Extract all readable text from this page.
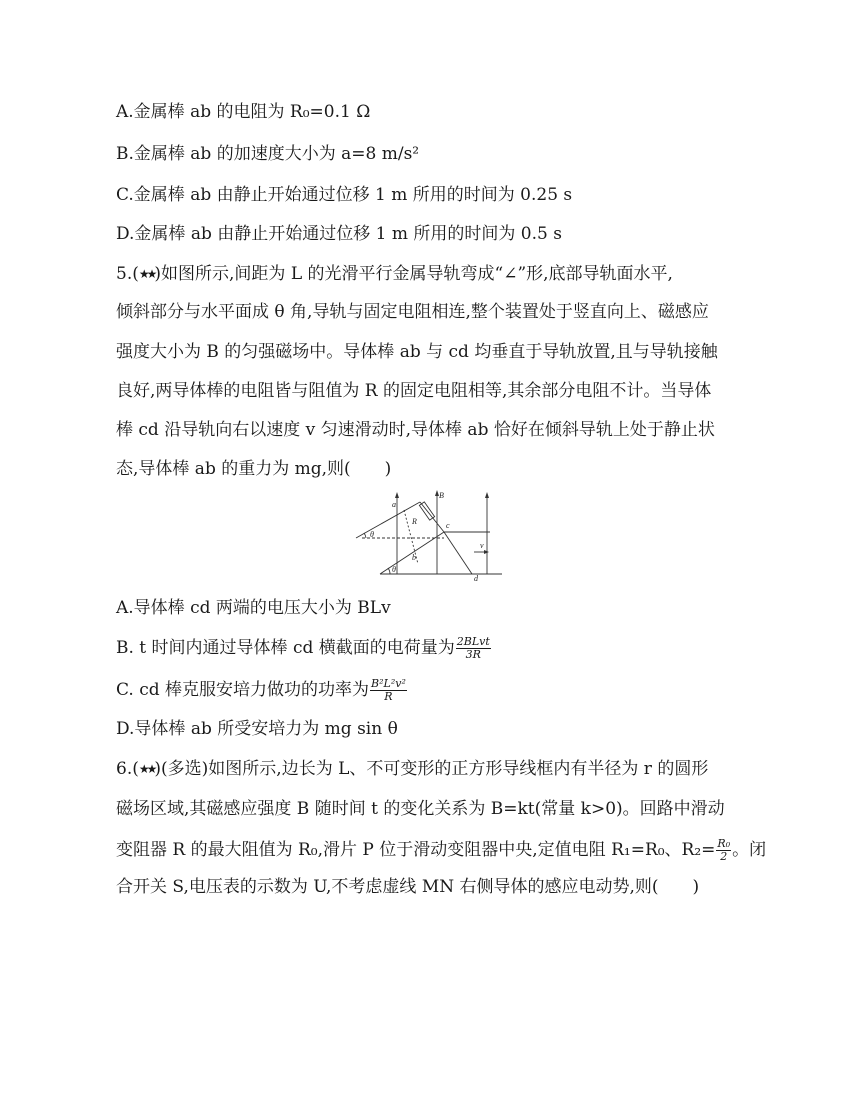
A.金属棒 ab 的电阻为 R₀=0.1 Ω
B.金属棒 ab 的加速度大小为 a=8 m/s²
C.金属棒 ab 由静止开始通过位移 1 m 所用的时间为 0.25 s
D.金属棒 ab 由静止开始通过位移 1 m 所用的时间为 0.5 s
5.(★★)如图所示,间距为 L 的光滑平行金属导轨弯成“∠”形,底部导轨面水平,
倾斜部分与水平面成 θ 角,导轨与固定电阻相连,整个装置处于竖直向上、磁感应
强度大小为 B 的匀强磁场中。导体棒 ab 与 cd 均垂直于导轨放置,且与导轨接触
良好,两导体棒的电阻皆与阻值为 R 的固定电阻相等,其余部分电阻不计。当导体
棒 cd 沿导轨向右以速度 v 匀速滑动时,导体棒 ab 恰好在倾斜导轨上处于静止状
态,导体棒 ab 的重力为 mg,则(　　)
a
b
c
d
R
B
v
θ
θ
A.导体棒 cd 两端的电压大小为 BLv
B. t 时间内通过导体棒 cd 横截面的电荷量为 $\frac{\text{2BLvt}}{3R}$
C. cd 棒克服安培力做功的功率为 $\frac{\text{B²L²v²}}{R}$
D.导体棒 ab 所受安培力为 mg sin θ
6.(★★)(多选)如图所示,边长为 L、不可变形的正方形导线框内有半径为 r 的圆形
磁场区域,其磁感应强度 B 随时间 t 的变化关系为 B=kt(常量 k>0)。回路中滑动
变阻器 R 的最大阻值为 R₀,滑片 P 位于滑动变阻器中央,定值电阻 R₁=R₀、$R_2= \frac{\text{R₀}}{2}$ 。闭
合开关 S,电压表的示数为 U,不考虑虚线 MN 右侧导体的感应电动势,则(　　)
